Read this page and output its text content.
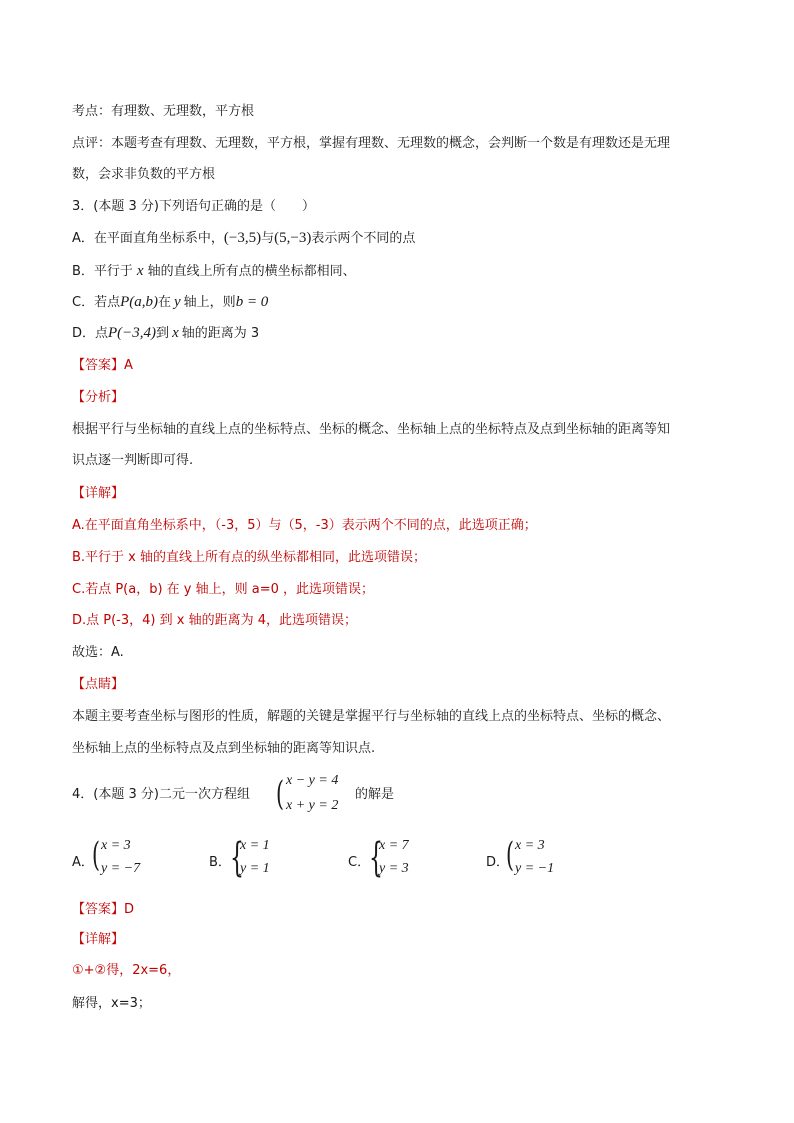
考点：有理数、无理数，平方根
点评：本题考查有理数、无理数，平方根，掌握有理数、无理数的概念，会判断一个数是有理数还是无理
数，会求非负数的平方根
3．(本题 3 分)下列语句正确的是（　　）
A．在平面直角坐标系中，(−3,5)与(5,−3)表示两个不同的点
B．平行于 x 轴的直线上所有点的横坐标都相同、
C．若点P(a,b)在 y 轴上，则b = 0
D．点P(−3,4)到 x 轴的距离为 3
【答案】A
【分析】
根据平行与坐标轴的直线上点的坐标特点、坐标的概念、坐标轴上点的坐标特点及点到坐标轴的距离等知
识点逐一判断即可得.
【详解】
A.在平面直角坐标系中，（-3，5）与（5，-3）表示两个不同的点，此选项正确；
B.平行于 x 轴的直线上所有点的纵坐标都相同，此选项错误；
C.若点 P(a，b) 在 y 轴上，则 a=0 ，此选项错误；
D.点 P(-3，4) 到 x 轴的距离为 4，此选项错误；
故选：A.
【点睛】
本题主要考查坐标与图形的性质，解题的关键是掌握平行与坐标轴的直线上点的坐标特点、坐标的概念、
坐标轴上点的坐标特点及点到坐标轴的距离等知识点.
4．(本题 3 分)二元一次方程组 ( x − y = 4
x + y = 2
的解是
A．
( x = 3
y = −7	B． {
x = 1
y = 1	C．
{
x = 7
y = 3	D．
( x = 3
y = −1
【答案】D
【详解】
①+②得，2x=6，
解得，x=3；
